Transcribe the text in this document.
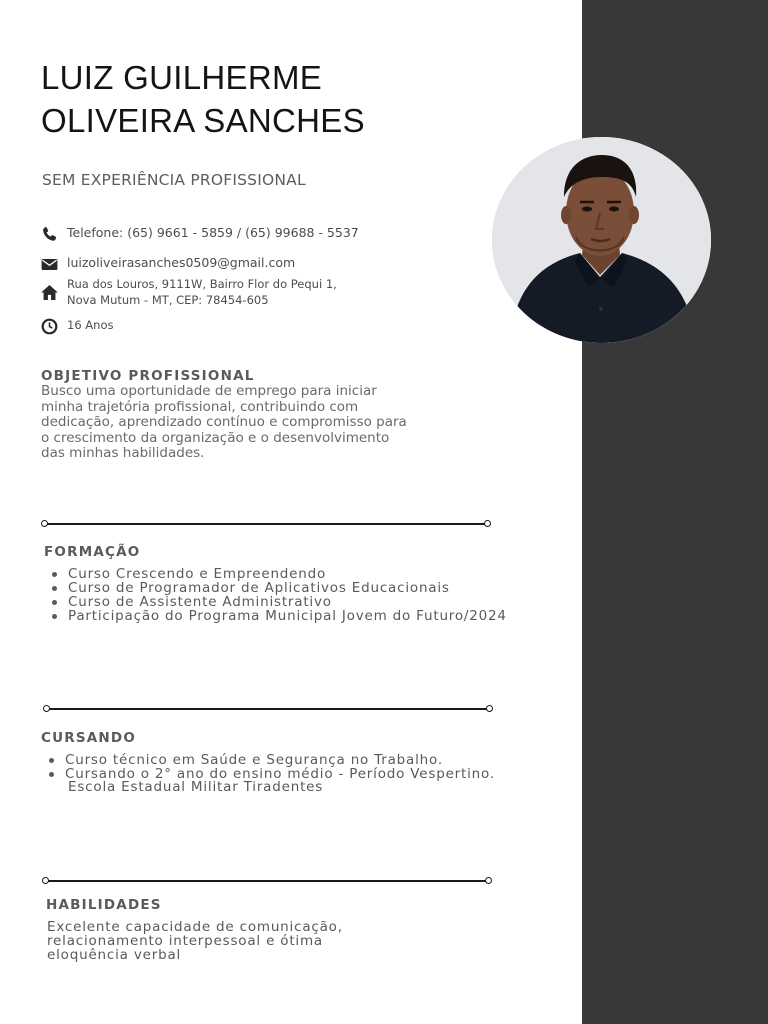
LUIZ GUILHERME
OLIVEIRA SANCHES
SEM EXPERIÊNCIA PROFISSIONAL
Telefone: (65) 9661 - 5859 / (65) 99688 - 5537
luizoliveirasanches0509@gmail.com
Rua dos Louros, 9111W, Bairro Flor do Pequi 1,
Nova Mutum - MT, CEP: 78454-605
16 Anos
OBJETIVO PROFISSIONAL
Busco uma oportunidade de emprego para iniciar
minha trajetória profissional, contribuindo com
dedicação, aprendizado contínuo e compromisso para
o crescimento da organização e o desenvolvimento
das minhas habilidades.
FORMAÇÃO
Curso Crescendo e Empreendendo
Curso de Programador de Aplicativos Educacionais
Curso de Assistente Administrativo
Participação do Programa Municipal Jovem do Futuro/2024
CURSANDO
Curso técnico em Saúde e Segurança no Trabalho.
Cursando o 2° ano do ensino médio - Período Vespertino.
Escola Estadual Militar Tiradentes
HABILIDADES
Excelente capacidade de comunicação,
relacionamento interpessoal e ótima
eloquência verbal
